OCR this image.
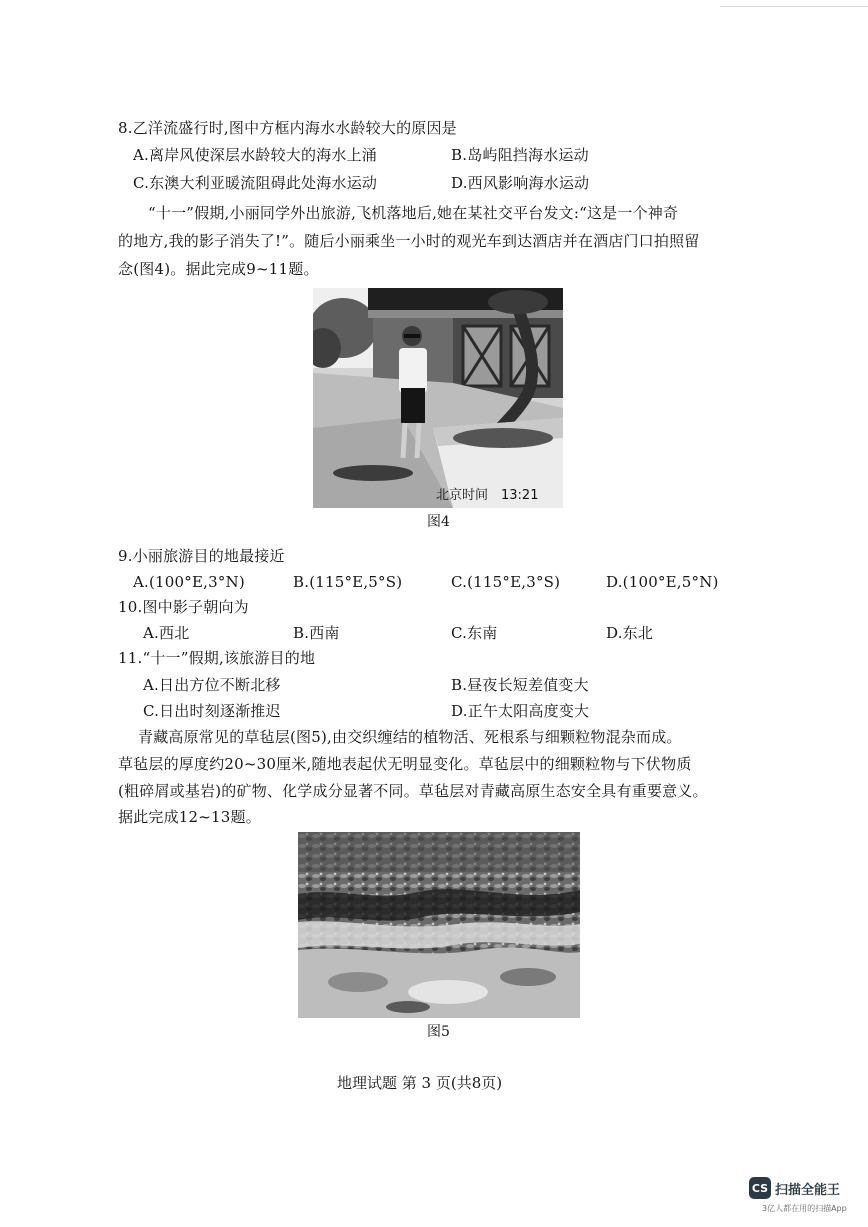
8.乙洋流盛行时,图中方框内海水水龄较大的原因是
A.离岸风使深层水龄较大的海水上涌	B.岛屿阻挡海水运动
C.东澳大利亚暖流阻碍此处海水运动	D.西风影响海水运动
“十一”假期,小丽同学外出旅游,飞机落地后,她在某社交平台发文:“这是一个神奇
的地方,我的影子消失了!”。随后小丽乘坐一小时的观光车到达酒店并在酒店门口拍照留
念(图4)。据此完成9~11题。
北京时间　13:21
图4
9.小丽旅游目的地最接近
A.(100°E,3°N)	B.(115°E,5°S)	C.(115°E,3°S)	D.(100°E,5°N)
10.图中影子朝向为
A.西北	B.西南	C.东南	D.东北
11.“十一”假期,该旅游目的地
A.日出方位不断北移	B.昼夜长短差值变大
C.日出时刻逐渐推迟	D.正午太阳高度变大
青藏高原常见的草毡层(图5),由交织缠结的植物活、死根系与细颗粒物混杂而成。
草毡层的厚度约20~30厘米,随地表起伏无明显变化。草毡层中的细颗粒物与下伏物质
(粗碎屑或基岩)的矿物、化学成分显著不同。草毡层对青藏高原生态安全具有重要意义。
据此完成12~13题。
图5
地理试题 第 3 页(共8页)
CS 扫描全能王
3亿人都在用的扫描App
